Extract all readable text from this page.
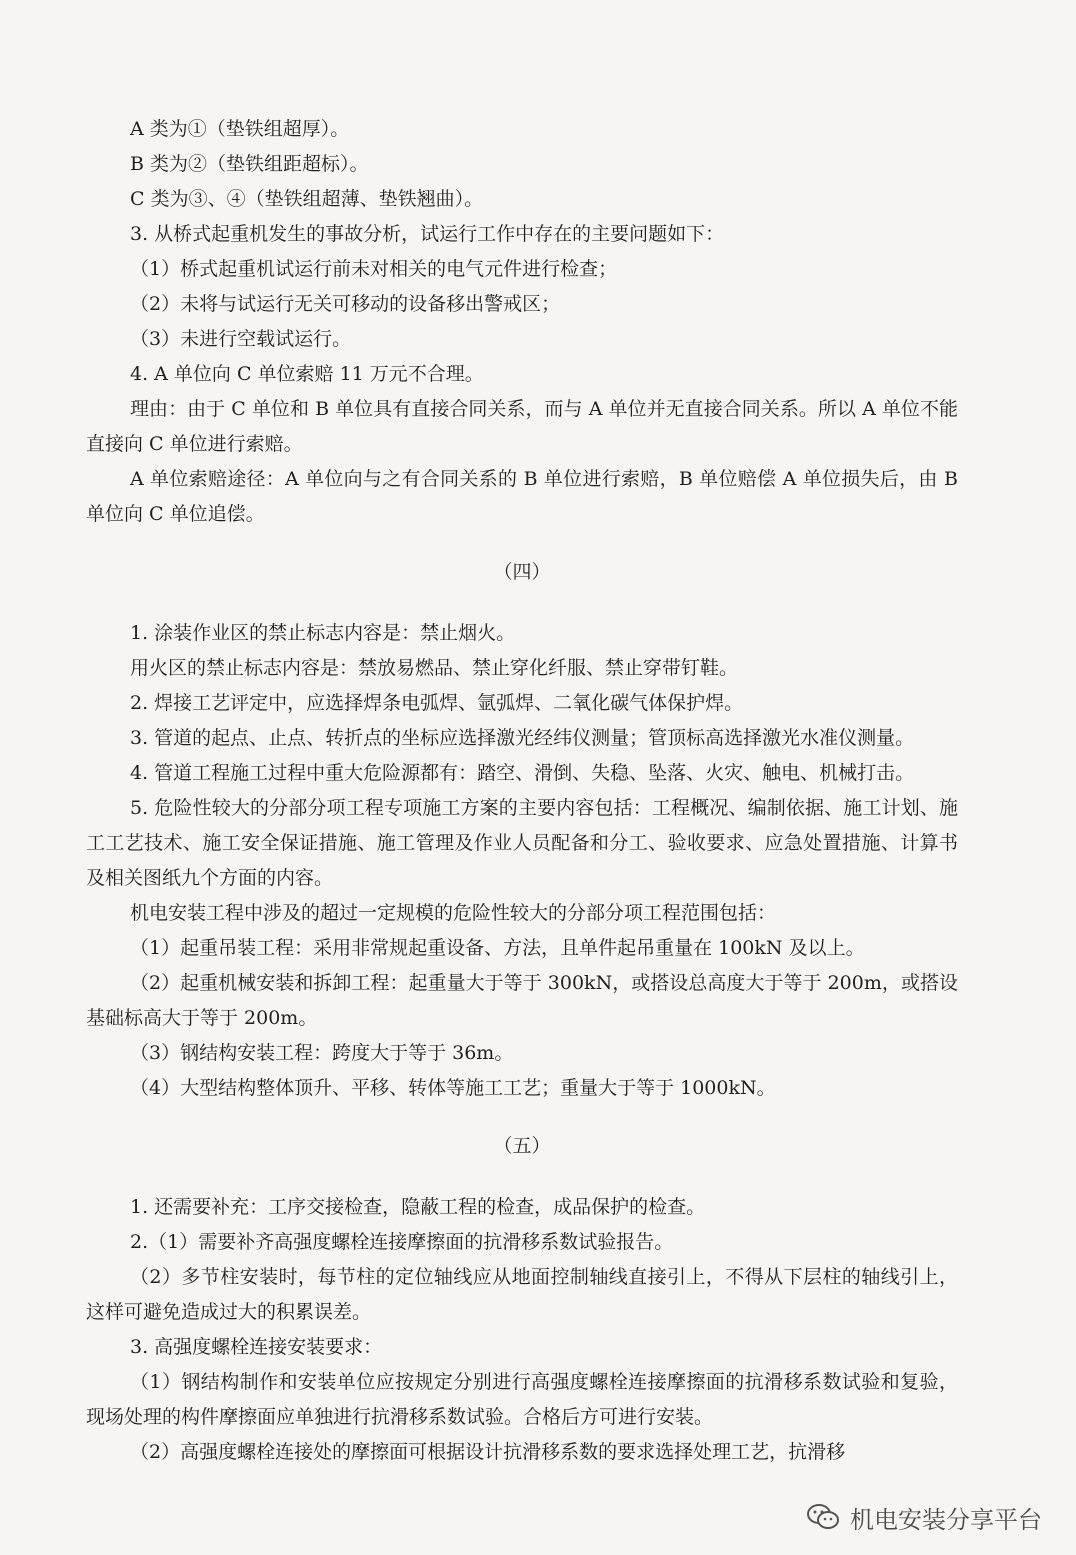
A 类为①（垫铁组超厚）。

B 类为②（垫铁组距超标）。

C 类为③、④（垫铁组超薄、垫铁翘曲）。

3. 从桥式起重机发生的事故分析，试运行工作中存在的主要问题如下：

（1）桥式起重机试运行前未对相关的电气元件进行检查；

（2）未将与试运行无关可移动的设备移出警戒区；

（3）未进行空载试运行。

4. A 单位向 C 单位索赔 11 万元不合理。

理由：由于 C 单位和 B 单位具有直接合同关系，而与 A 单位并无直接合同关系。所以 A 单位不能直接向 C 单位进行索赔。

A 单位索赔途径：A 单位向与之有合同关系的 B 单位进行索赔，B 单位赔偿 A 单位损失后，由 B 单位向 C 单位追偿。

（四）

1. 涂装作业区的禁止标志内容是：禁止烟火。

用火区的禁止标志内容是：禁放易燃品、禁止穿化纤服、禁止穿带钉鞋。

2. 焊接工艺评定中，应选择焊条电弧焊、氩弧焊、二氧化碳气体保护焊。

3. 管道的起点、止点、转折点的坐标应选择激光经纬仪测量；管顶标高选择激光水准仪测量。

4. 管道工程施工过程中重大危险源都有：踏空、滑倒、失稳、坠落、火灾、触电、机械打击。

5. 危险性较大的分部分项工程专项施工方案的主要内容包括：工程概况、编制依据、施工计划、施工工艺技术、施工安全保证措施、施工管理及作业人员配备和分工、验收要求、应急处置措施、计算书及相关图纸九个方面的内容。

机电安装工程中涉及的超过一定规模的危险性较大的分部分项工程范围包括：

（1）起重吊装工程：采用非常规起重设备、方法，且单件起吊重量在 100kN 及以上。

（2）起重机械安装和拆卸工程：起重量大于等于 300kN，或搭设总高度大于等于 200m，或搭设基础标高大于等于 200m。

（3）钢结构安装工程：跨度大于等于 36m。

（4）大型结构整体顶升、平移、转体等施工工艺；重量大于等于 1000kN。

（五）

1. 还需要补充：工序交接检查，隐蔽工程的检查，成品保护的检查。

2.（1）需要补齐高强度螺栓连接摩擦面的抗滑移系数试验报告。

（2）多节柱安装时，每节柱的定位轴线应从地面控制轴线直接引上，不得从下层柱的轴线引上，这样可避免造成过大的积累误差。

3. 高强度螺栓连接安装要求：

（1）钢结构制作和安装单位应按规定分别进行高强度螺栓连接摩擦面的抗滑移系数试验和复验，现场处理的构件摩擦面应单独进行抗滑移系数试验。合格后方可进行安装。

（2）高强度螺栓连接处的摩擦面可根据设计抗滑移系数的要求选择处理工艺，抗滑移

机电安装分享平台
